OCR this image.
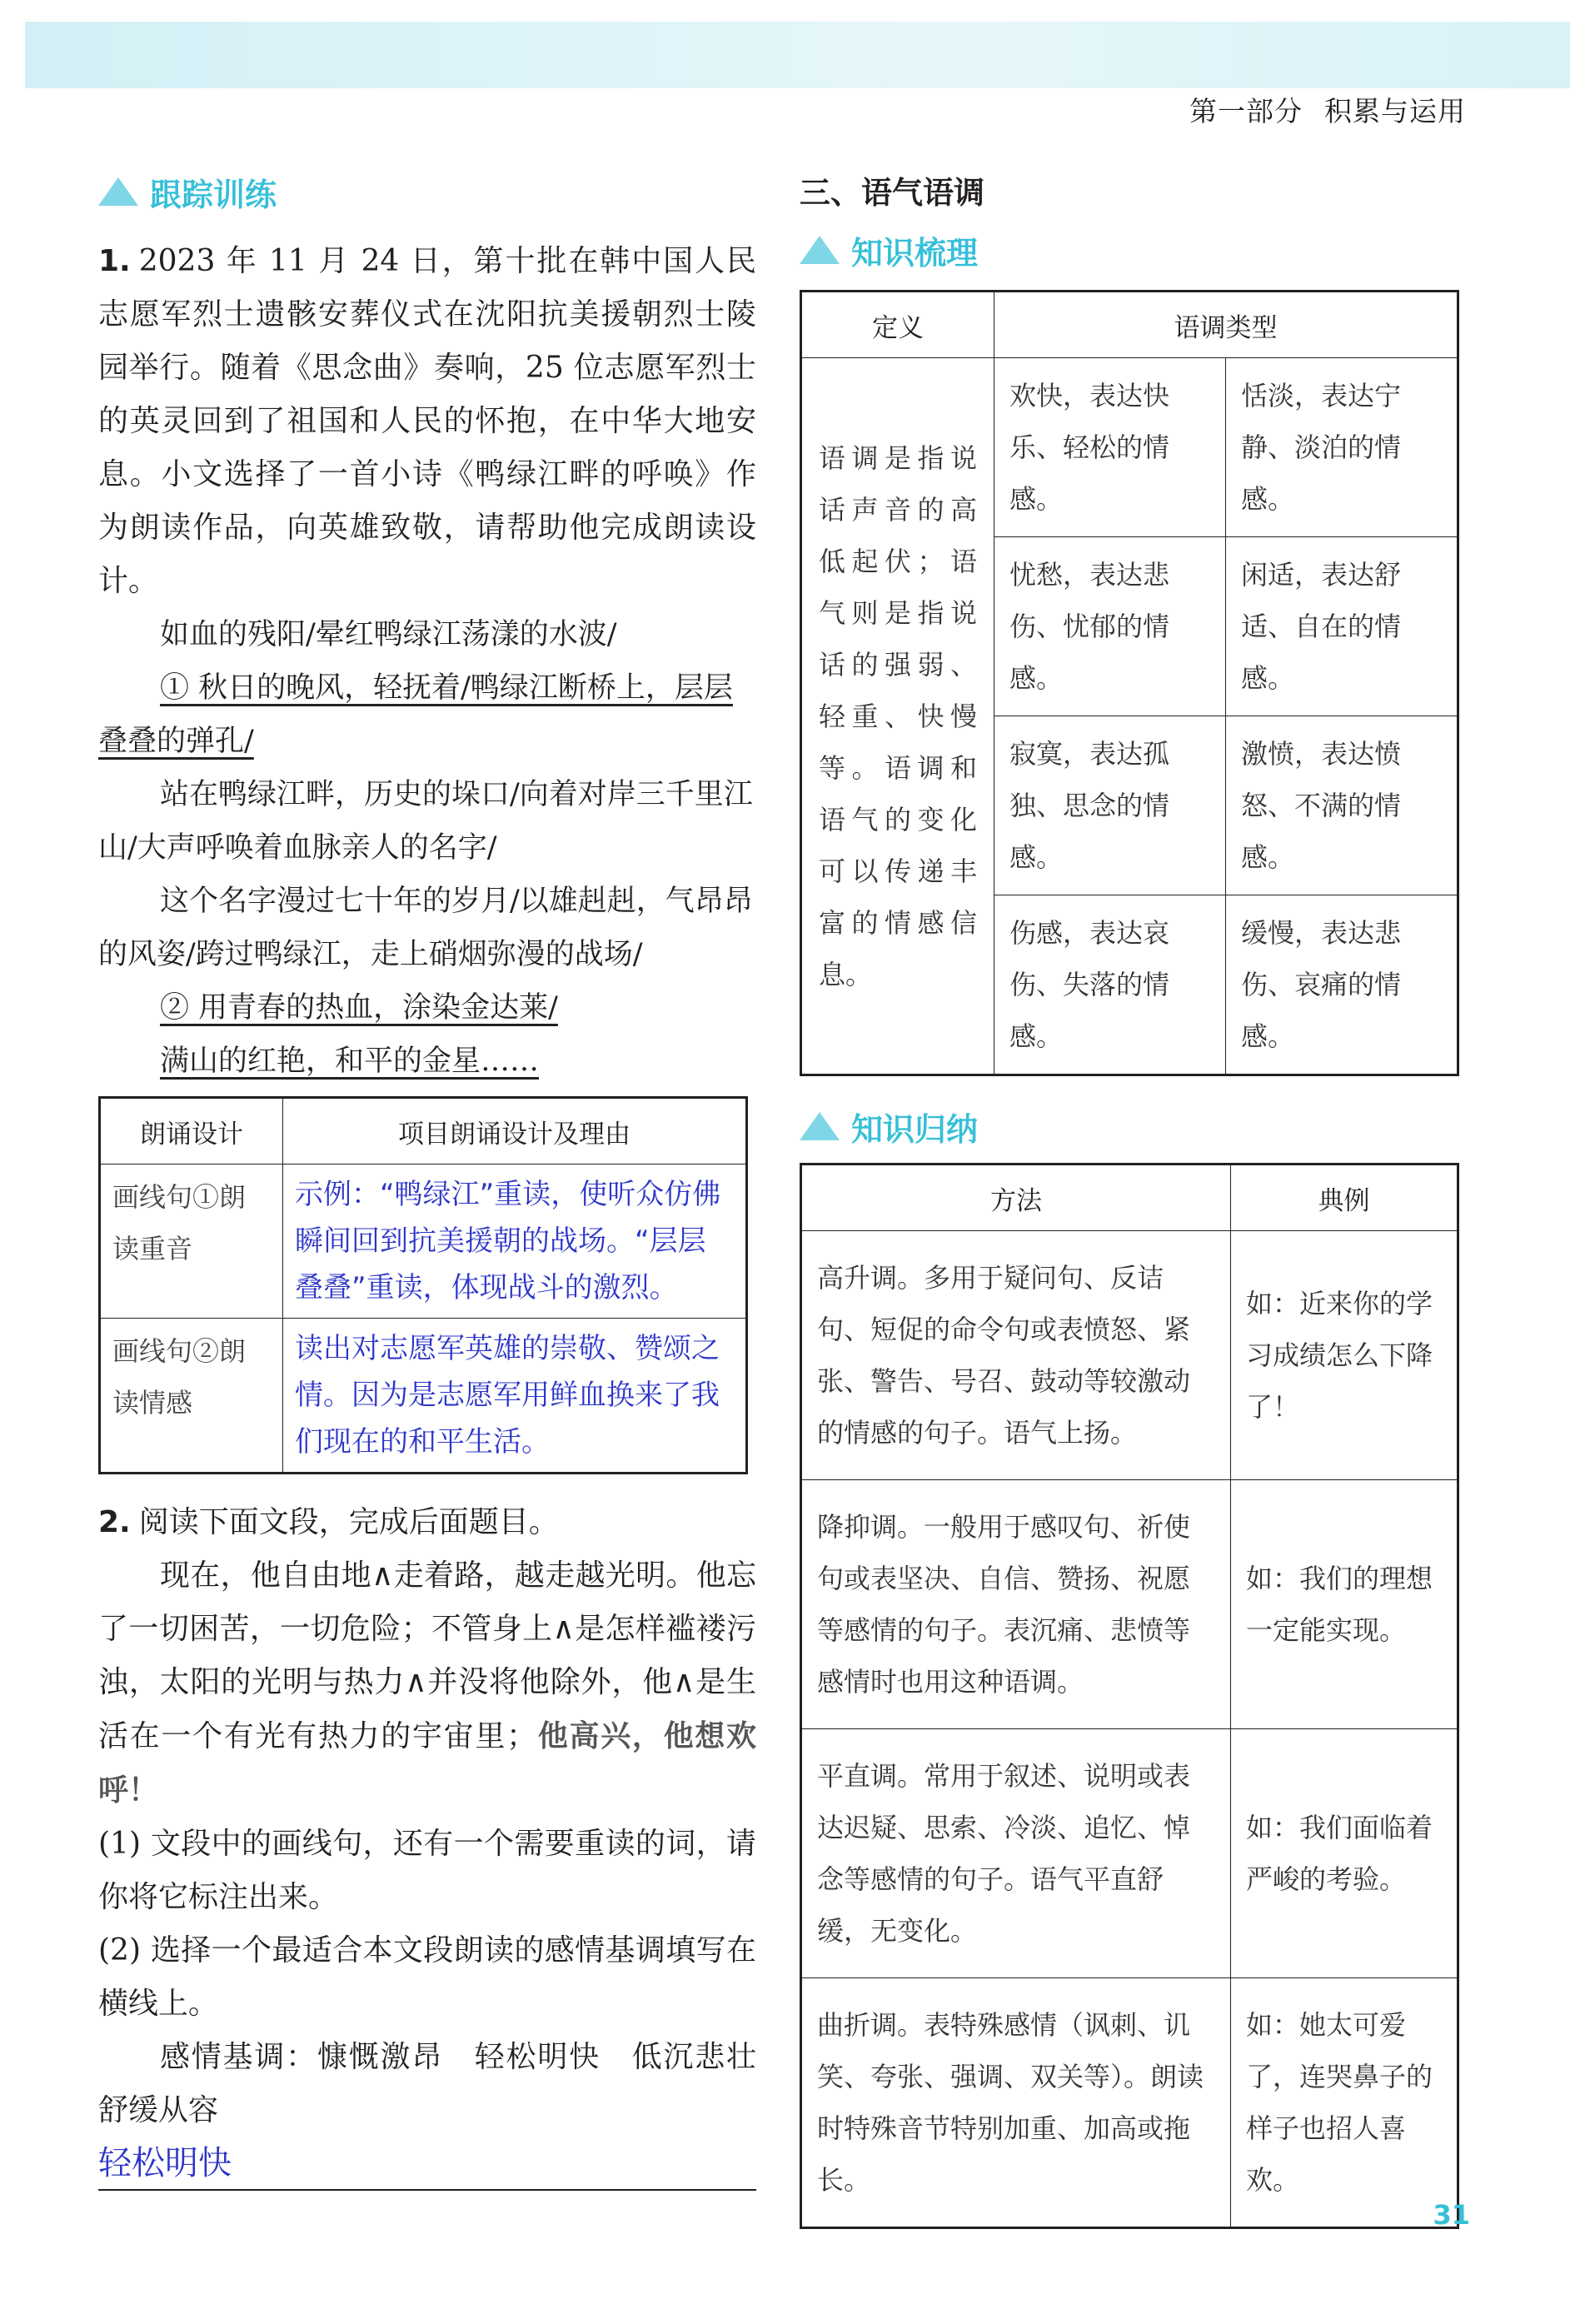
第一部分 积累与运用
跟踪训练
1. 2023 年 11 月 24 日，第十批在韩中国人民志愿军烈士遗骸安葬仪式在沈阳抗美援朝烈士陵园举行。随着《思念曲》奏响，25 位志愿军烈士的英灵回到了祖国和人民的怀抱，在中华大地安息。小文选择了一首小诗《鸭绿江畔的呼唤》作为朗读作品，向英雄致敬，请帮助他完成朗读设计。
如血的残阳/晕红鸭绿江荡漾的水波/
① 秋日的晚风，轻抚着/鸭绿江断桥上，层层叠叠的弹孔/
站在鸭绿江畔，历史的垛口/向着对岸三千里江山/大声呼唤着血脉亲人的名字/
这个名字漫过七十年的岁月/以雄赳赳，气昂昂的风姿/跨过鸭绿江，走上硝烟弥漫的战场/
② 用青春的热血，涂染金达莱/
满山的红艳，和平的金星……
朗诵设计	项目朗诵设计及理由
画线句①朗读重音	示例：“鸭绿江”重读，使听众仿佛瞬间回到抗美援朝的战场。“层层叠叠”重读，体现战斗的激烈。
画线句②朗读情感	读出对志愿军英雄的崇敬、赞颂之情。因为是志愿军用鲜血换来了我们现在的和平生活。
2. 阅读下面文段，完成后面题目。
现在，他自由地∧走着路，越走越光明。他忘了一切困苦，一切危险；不管身上∧是怎样褴褛污浊，太阳的光明与热力∧并没将他除外，他∧是生活在一个有光有热力的宇宙里；他高兴，他想欢呼！
(1) 文段中的画线句，还有一个需要重读的词，请你将它标注出来。
(2) 选择一个最适合本文段朗读的感情基调填写在横线上。
感情基调：慷慨激昂　轻松明快　低沉悲壮　舒缓从容
轻松明快
三、语气语调
知识梳理
定义	语调类型	
语调是指说话声音的高低起伏；语气则是指说话的强弱、轻重、快慢等。语调和语气的变化可以传递丰富的情感信息。	欢快，表达快乐、轻松的情感。	恬淡，表达宁静、淡泊的情感。
	忧愁，表达悲伤、忧郁的情感。	闲适，表达舒适、自在的情感。
	寂寞，表达孤独、思念的情感。	激愤，表达愤怒、不满的情感。
	伤感，表达哀伤、失落的情感。	缓慢，表达悲伤、哀痛的情感。
知识归纳
方法	典例
高升调。多用于疑问句、反诘句、短促的命令句或表愤怒、紧张、警告、号召、鼓动等较激动的情感的句子。语气上扬。	如：近来你的学习成绩怎么下降了！
降抑调。一般用于感叹句、祈使句或表坚决、自信、赞扬、祝愿等感情的句子。表沉痛、悲愤等感情时也用这种语调。	如：我们的理想一定能实现。
平直调。常用于叙述、说明或表达迟疑、思索、冷淡、追忆、悼念等感情的句子。语气平直舒缓，无变化。	如：我们面临着严峻的考验。
曲折调。表特殊感情（讽刺、讥笑、夸张、强调、双关等）。朗读时特殊音节特别加重、加高或拖长。	如：她太可爱了，连哭鼻子的样子也招人喜欢。
31
